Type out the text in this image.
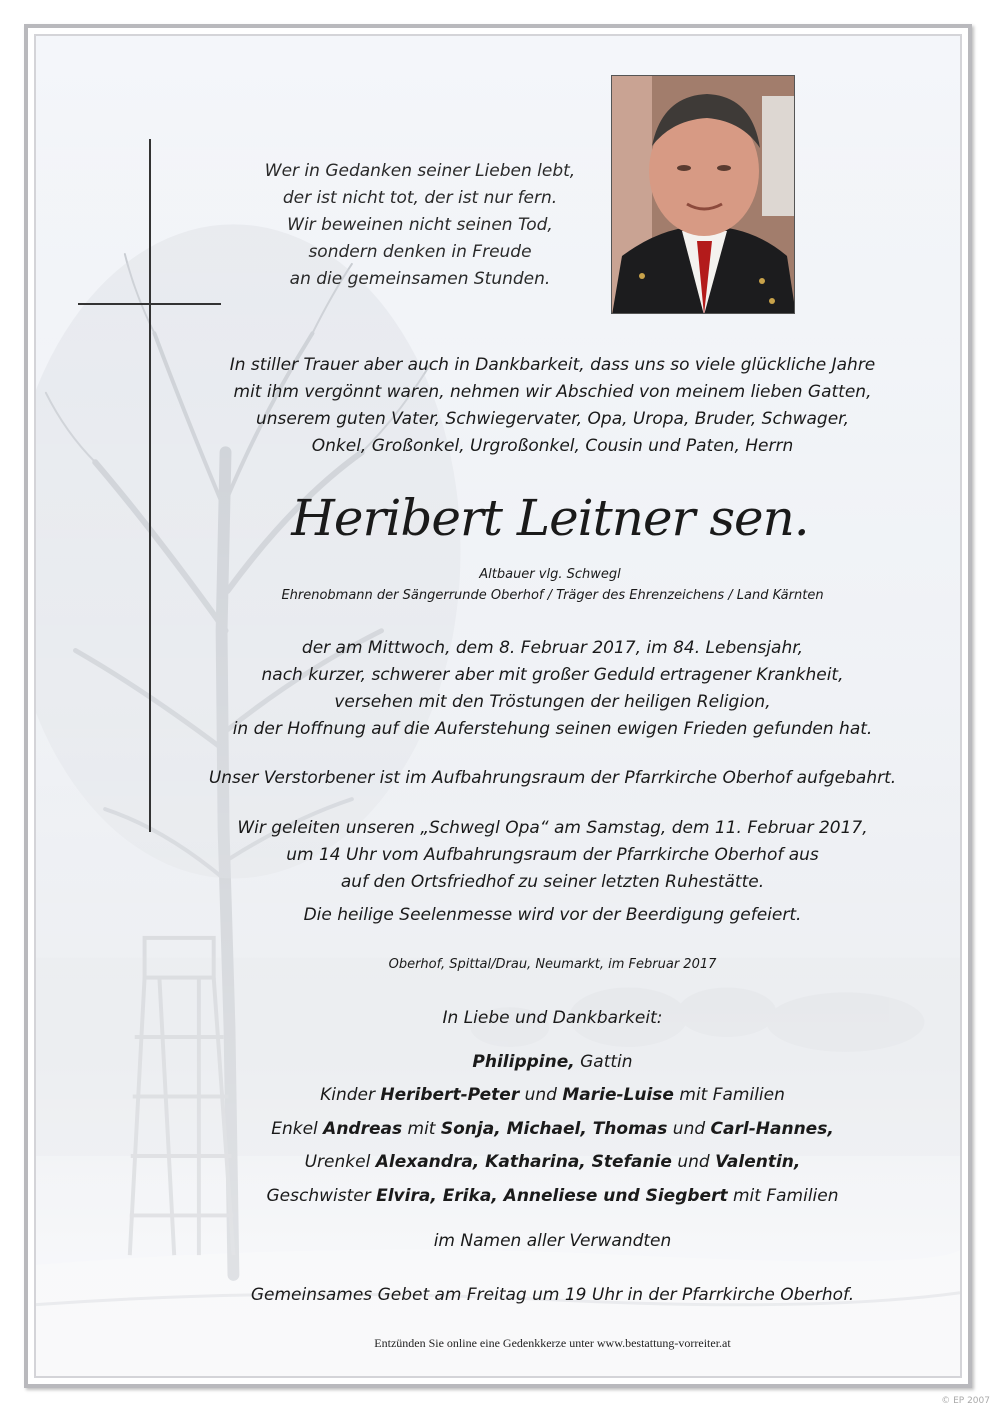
Wer in Gedanken seiner Lieben lebt,
der ist nicht tot, der ist nur fern.
Wir beweinen nicht seinen Tod,
sondern denken in Freude
an die gemeinsamen Stunden.
In stiller Trauer aber auch in Dankbarkeit, dass uns so viele glückliche Jahre
mit ihm vergönnt waren, nehmen wir Abschied von meinem lieben Gatten,
unserem guten Vater, Schwiegervater, Opa, Uropa, Bruder, Schwager,
Onkel, Großonkel, Urgroßonkel, Cousin und Paten, Herrn
Heribert Leitner sen.
Altbauer vlg. Schwegl
Ehrenobmann der Sängerrunde Oberhof / Träger des Ehrenzeichens / Land Kärnten
der am Mittwoch, dem 8. Februar 2017, im 84. Lebensjahr,
nach kurzer, schwerer aber mit großer Geduld ertragener Krankheit,
versehen mit den Tröstungen der heiligen Religion,
in der Hoffnung auf die Auferstehung seinen ewigen Frieden gefunden hat.
Unser Verstorbener ist im Aufbahrungsraum der Pfarrkirche Oberhof aufgebahrt.
Wir geleiten unseren „Schwegl Opa“ am Samstag, dem 11. Februar 2017,
um 14 Uhr vom Aufbahrungsraum der Pfarrkirche Oberhof aus
auf den Ortsfriedhof zu seiner letzten Ruhestätte.
Die heilige Seelenmesse wird vor der Beerdigung gefeiert.
Oberhof, Spittal/Drau, Neumarkt, im Februar 2017
In Liebe und Dankbarkeit:
Philippine, Gattin
Kinder Heribert-Peter und Marie-Luise mit Familien
Enkel Andreas mit Sonja, Michael, Thomas und Carl-Hannes,
Urenkel Alexandra, Katharina, Stefanie und Valentin,
Geschwister Elvira, Erika, Anneliese und Siegbert mit Familien
im Namen aller Verwandten
Gemeinsames Gebet am Freitag um 19 Uhr in der Pfarrkirche Oberhof.
Entzünden Sie online eine Gedenkkerze unter www.bestattung-vorreiter.at
© EP 2007
